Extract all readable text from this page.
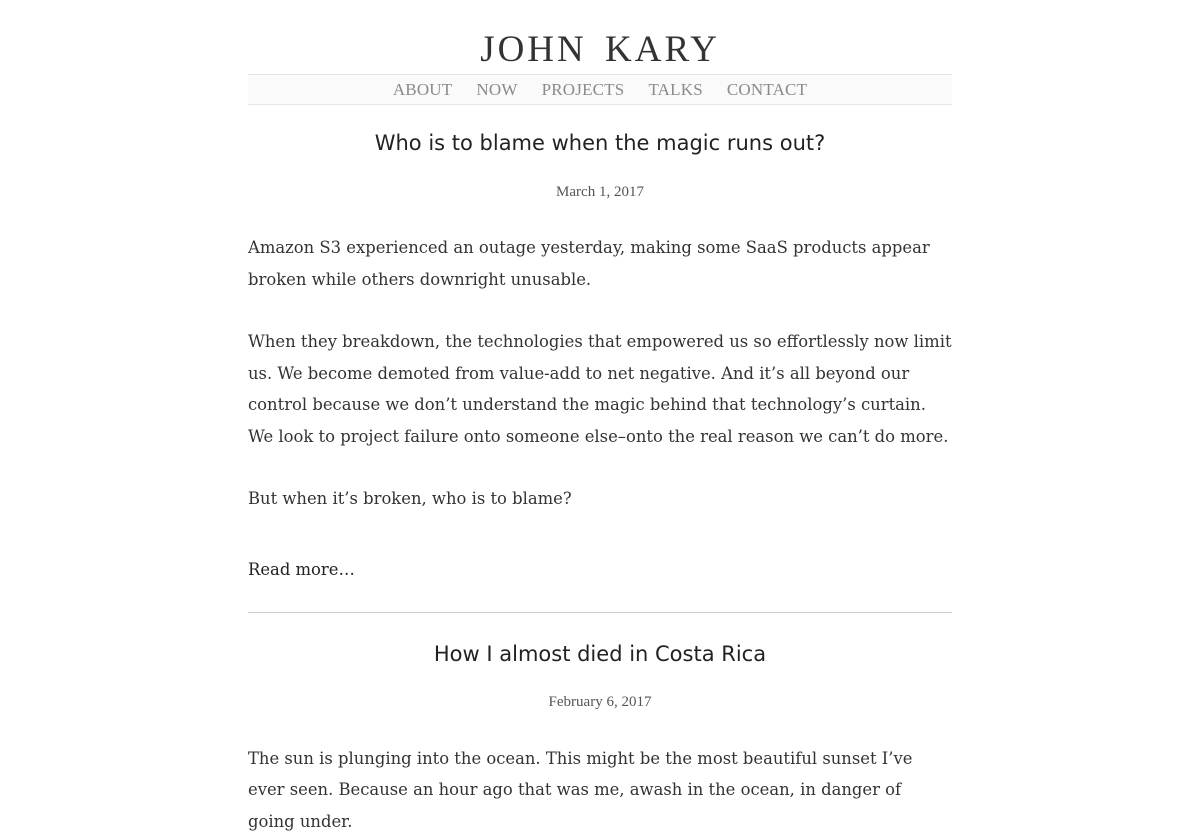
JOHN KARY
ABOUT NOW PROJECTS TALKS CONTACT
Who is to blame when the magic runs out?
March 1, 2017

Amazon S3 experienced an outage yesterday, making some SaaS products appear broken while others downright unusable.

When they breakdown, the technologies that empowered us so effortlessly now limit us. We become demoted from value-add to net negative. And it’s all beyond our control because we don’t understand the magic behind that technology’s curtain. We look to project failure onto someone else–onto the real reason we can’t do more.

But when it’s broken, who is to blame?

Read more…
How I almost died in Costa Rica
February 6, 2017

The sun is plunging into the ocean. This might be the most beautiful sunset I’ve ever seen. Because an hour ago that was me, awash in the ocean, in danger of going under.
